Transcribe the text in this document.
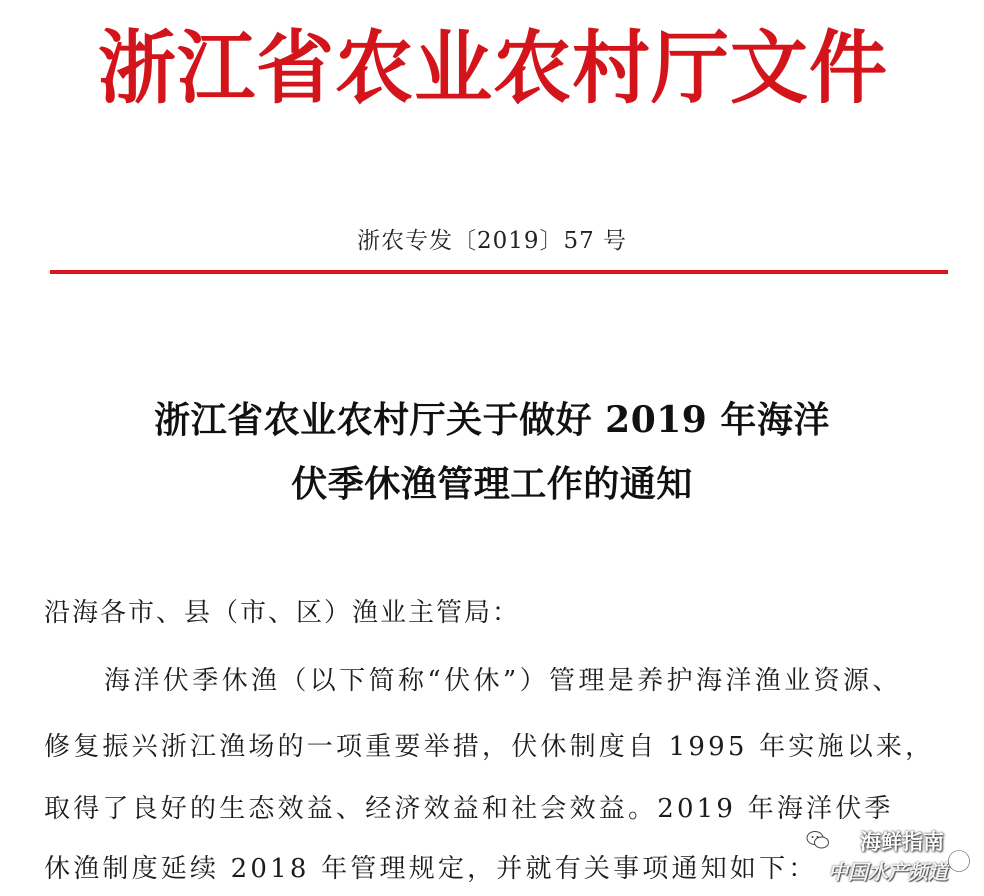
浙江省农业农村厅文件
浙农专发〔2019〕57 号
浙江省农业农村厅关于做好 2019 年海洋
伏季休渔管理工作的通知
沿海各市、县（市、区）渔业主管局：
海洋伏季休渔（以下简称“伏休”）管理是养护海洋渔业资源、
修复振兴浙江渔场的一项重要举措，伏休制度自 1995 年实施以来，
取得了良好的生态效益、经济效益和社会效益。2019 年海洋伏季
休渔制度延续 2018 年管理规定，并就有关事项通知如下：
海鲜指南
中国水产频道
